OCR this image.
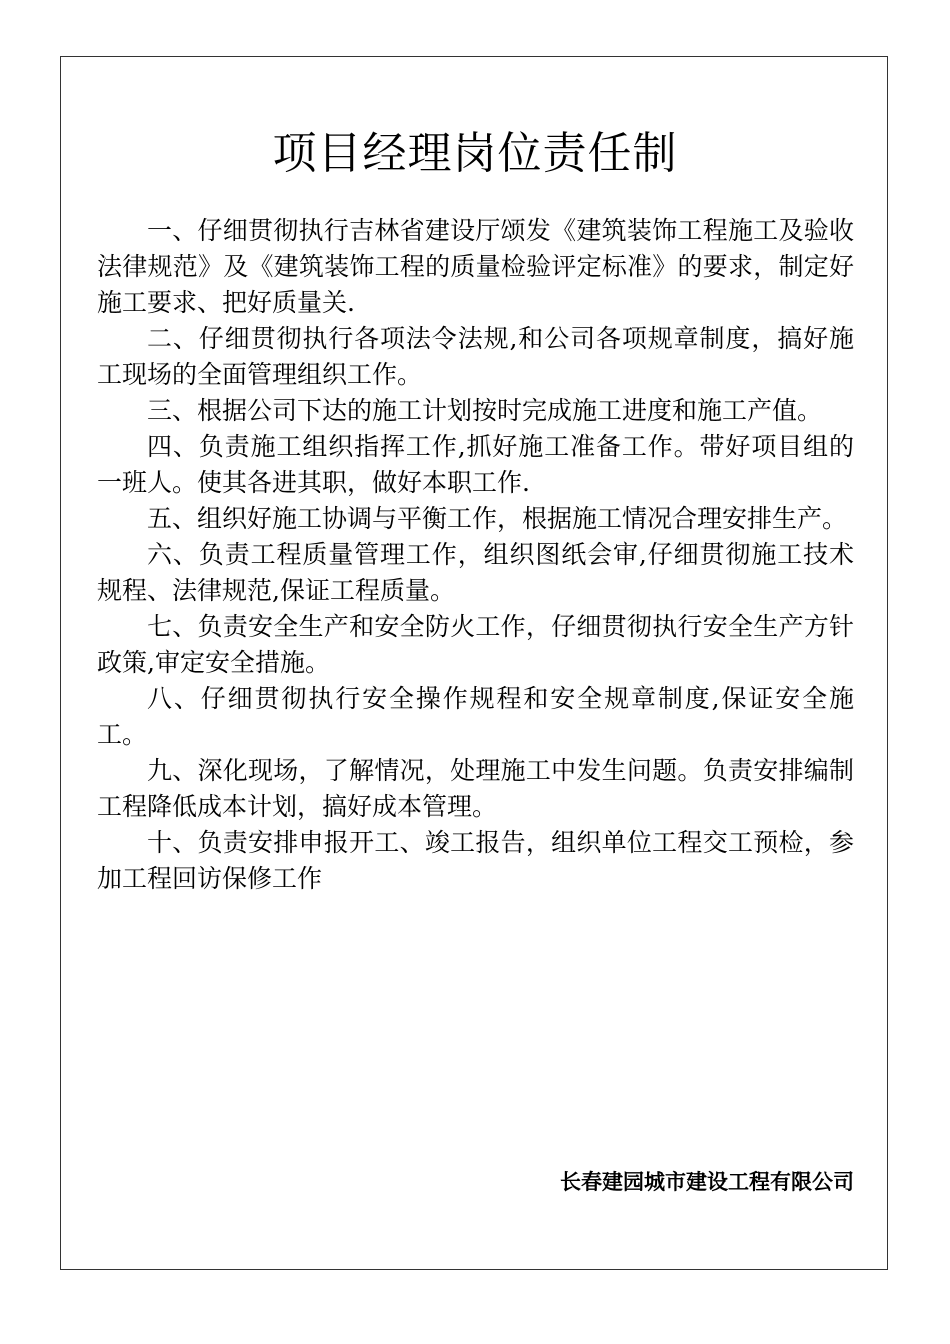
项目经理岗位责任制

一、仔细贯彻执行吉林省建设厅颂发《建筑装饰工程施工及验收法律规范》及《建筑装饰工程的质量检验评定标准》的要求，制定好施工要求、把好质量关.

二、仔细贯彻执行各项法令法规,和公司各项规章制度，搞好施工现场的全面管理组织工作。

三、根据公司下达的施工计划按时完成施工进度和施工产值。

四、负责施工组织指挥工作,抓好施工准备工作。带好项目组的一班人。使其各进其职，做好本职工作.

五、组织好施工协调与平衡工作，根据施工情况合理安排生产。

六、负责工程质量管理工作，组织图纸会审,仔细贯彻施工技术规程、法律规范,保证工程质量。

七、负责安全生产和安全防火工作，仔细贯彻执行安全生产方针政策,审定安全措施。

八、仔细贯彻执行安全操作规程和安全规章制度,保证安全施工。

九、深化现场，了解情况，处理施工中发生问题。负责安排编制工程降低成本计划，搞好成本管理。

十、负责安排申报开工、竣工报告，组织单位工程交工预检，参加工程回访保修工作

长春建园城市建设工程有限公司
